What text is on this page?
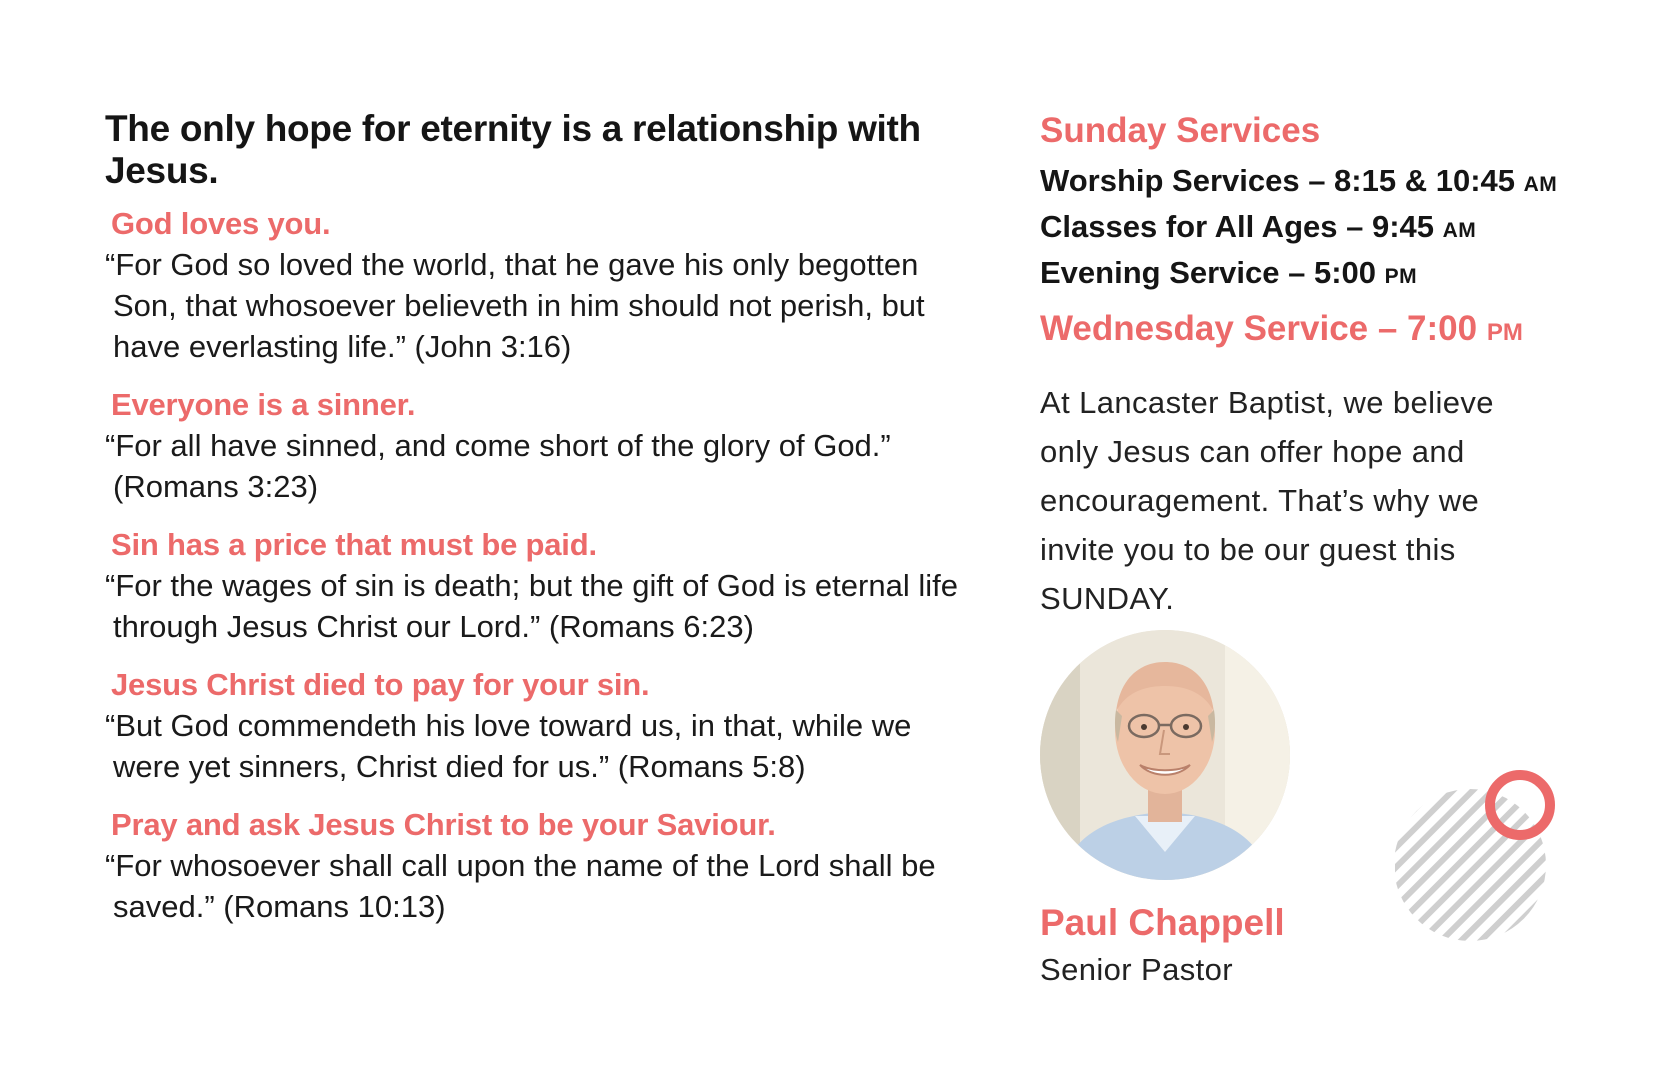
The only hope for eternity is a relationship with Jesus.
God loves you.
“For God so loved the world, that he gave his only begotten Son, that whosoever believeth in him should not perish, but have everlasting life.” (John 3:16)
Everyone is a sinner.
“For all have sinned, and come short of the glory of God.” (Romans 3:23)
Sin has a price that must be paid.
“For the wages of sin is death; but the gift of God is eternal life through Jesus Christ our Lord.” (Romans 6:23)
Jesus Christ died to pay for your sin.
“But God commendeth his love toward us, in that, while we were yet sinners, Christ died for us.” (Romans 5:8)
Pray and ask Jesus Christ to be your Saviour.
“For whosoever shall call upon the name of the Lord shall be saved.” (Romans 10:13)
Sunday Services
Worship Services – 8:15 & 10:45 AM
Classes for All Ages – 9:45 AM
Evening Service – 5:00 PM
Wednesday Service – 7:00 PM
At Lancaster Baptist, we believe only Jesus can offer hope and encouragement. That’s why we invite you to be our guest this SUNDAY.
Paul Chappell
Senior Pastor
